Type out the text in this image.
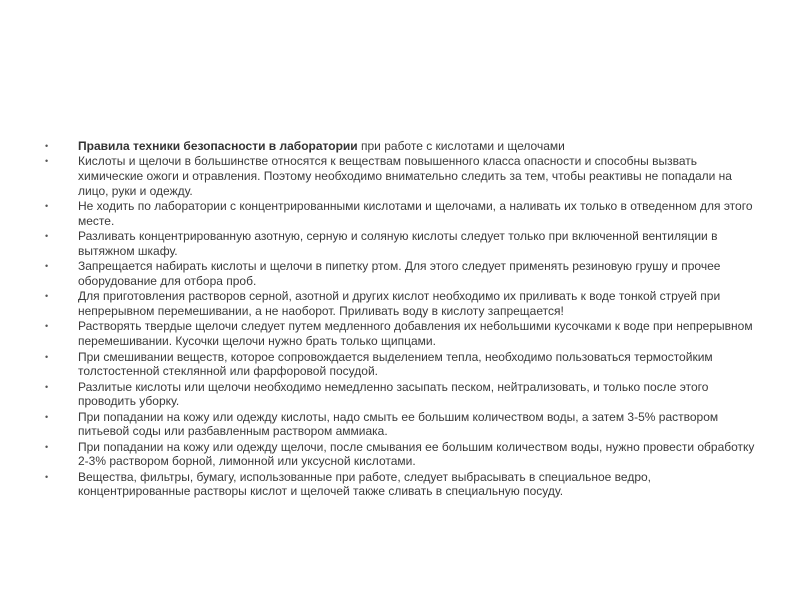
• Правила техники безопасности в лаборатории при работе с кислотами и щелочами
• Кислоты и щелочи в большинстве относятся к веществам повышенного класса опасности и способны вызвать химические ожоги и отравления. Поэтому необходимо внимательно следить за тем, чтобы реактивы не попадали на лицо, руки и одежду.
• Не ходить по лаборатории с концентрированными кислотами и щелочами, а наливать их только в отведенном для этого месте.
• Разливать концентрированную азотную, серную и соляную кислоты следует только при включенной вентиляции в вытяжном шкафу.
• Запрещается набирать кислоты и щелочи в пипетку ртом. Для этого следует применять резиновую грушу и прочее оборудование для отбора проб.
• Для приготовления растворов серной, азотной и других кислот необходимо их приливать к воде тонкой струей при непрерывном перемешивании, а не наоборот. Приливать воду в кислоту запрещается!
• Растворять твердые щелочи следует путем медленного добавления их небольшими кусочками к воде при непрерывном перемешивании. Кусочки щелочи нужно брать только щипцами.
• При смешивании веществ, которое сопровождается выделением тепла, необходимо пользоваться термостойким толстостенной стеклянной или фарфоровой посудой.
• Разлитые кислоты или щелочи необходимо немедленно засыпать песком, нейтрализовать, и только после этого проводить уборку.
• При попадании на кожу или одежду кислоты, надо смыть ее большим количеством воды, а затем 3-5% раствором питьевой соды или разбавленным раствором аммиака.
• При попадании на кожу или одежду щелочи, после смывания ее большим количеством воды, нужно провести обработку 2-3% раствором борной, лимонной или уксусной кислотами.
• Вещества, фильтры, бумагу, использованные при работе, следует выбрасывать в специальное ведро, концентрированные растворы кислот и щелочей также сливать в специальную посуду.
